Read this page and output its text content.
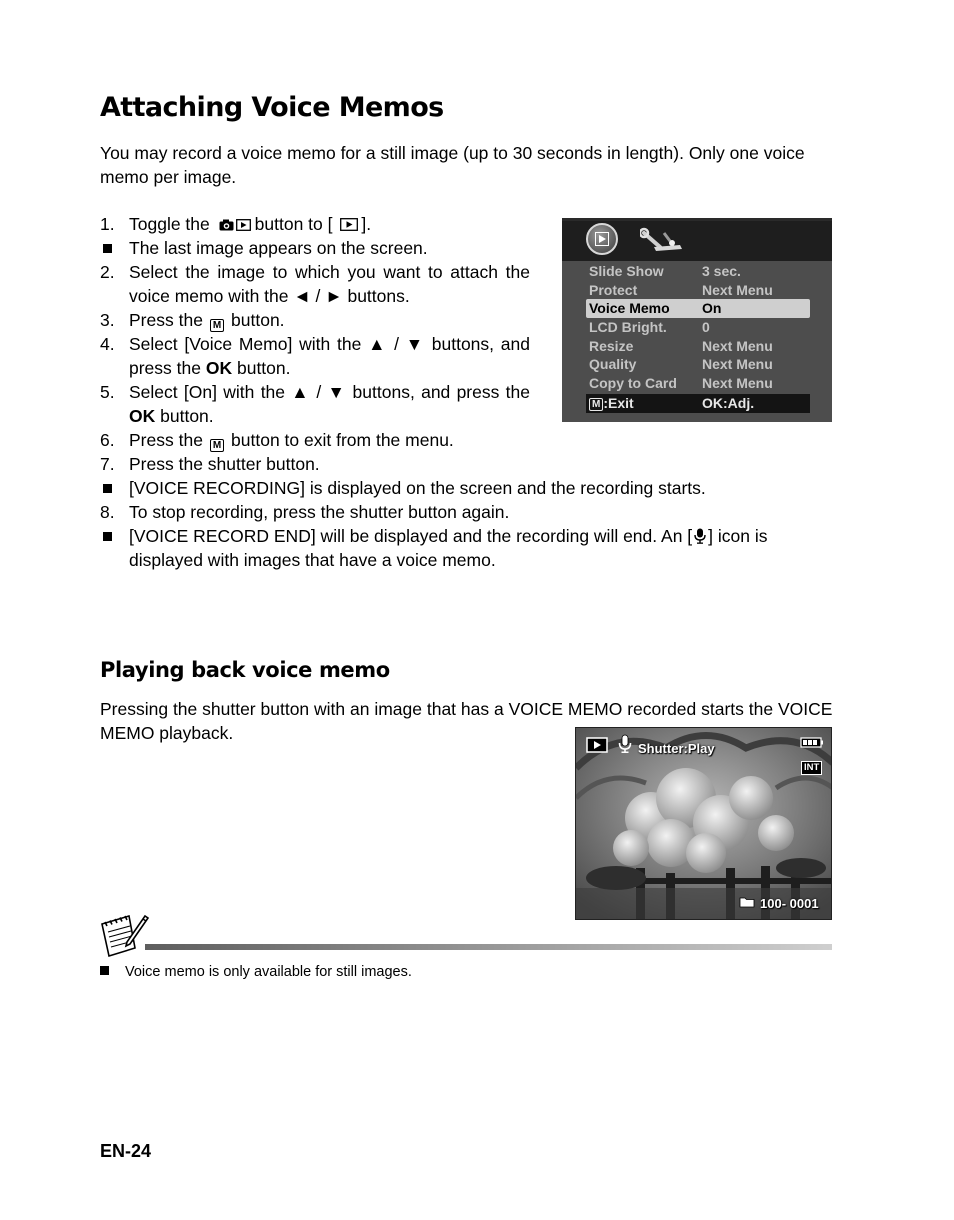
Attaching Voice Memos

You may record a voice memo for a still image (up to 30 seconds in length). Only one voice memo per image.

1. Toggle the	button to [ ].
The last image appears on the screen.
2. Select the image to which you want to attach the voice memo with the ◄ / ► buttons.
3. Press the M button.
4. Select [Voice Memo] with the ▲ / ▼ buttons, and press the OK button.
5. Select [On] with the ▲ / ▼ buttons, and press the OK button.
6. Press the M button to exit from the menu.
7. Press the shutter button.
[VOICE RECORDING] is displayed on the screen and the recording starts.
8. To stop recording, press the shutter button again.
[VOICE RECORD END] will be displayed and the recording will end. An [ ] icon is displayed with images that have a voice memo.
Slide Show	3 sec.
Protect	Next Menu
Voice Memo On
LCD Bright.	0
Resize	Next Menu
Quality	Next Menu
Copy to Card Next Menu
M :Exit	OK:Adj.
Playing back voice memo

Pressing the shutter button with an image that has a VOICE MEMO recorded starts the VOICE MEMO playback.

Shutter:Play
INT
100- 0001
Voice memo is only available for still images.
EN-24
